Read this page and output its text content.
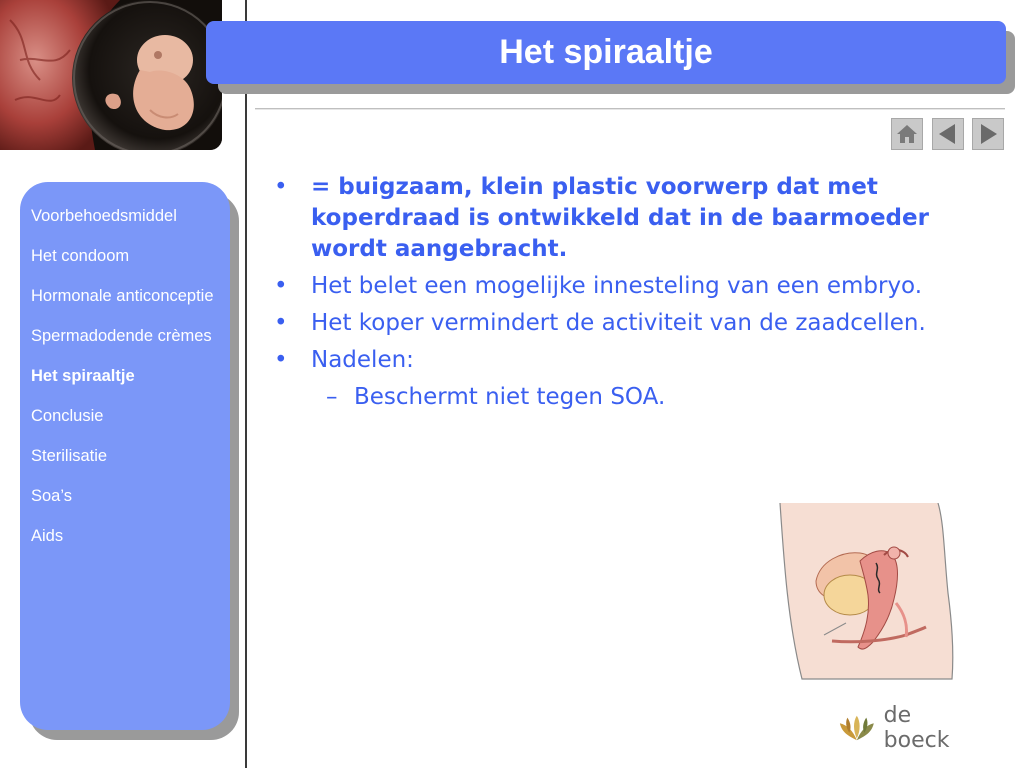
Het spiraaltje
Voorbehoedsmiddel
Het condoom
Hormonale anticonceptie
Spermadodende crèmes
Het spiraaltje
Conclusie
Sterilisatie
Soa’s
Aids
•	= buigzaam, klein plastic voorwerp dat met koperdraad is ontwikkeld dat in de baarmoeder wordt aangebracht.
•	Het belet een mogelijke innesteling van een embryo.
•	Het koper vermindert de activiteit van de zaadcellen.
•	Nadelen:
– Beschermt niet tegen SOA.
de boeck
